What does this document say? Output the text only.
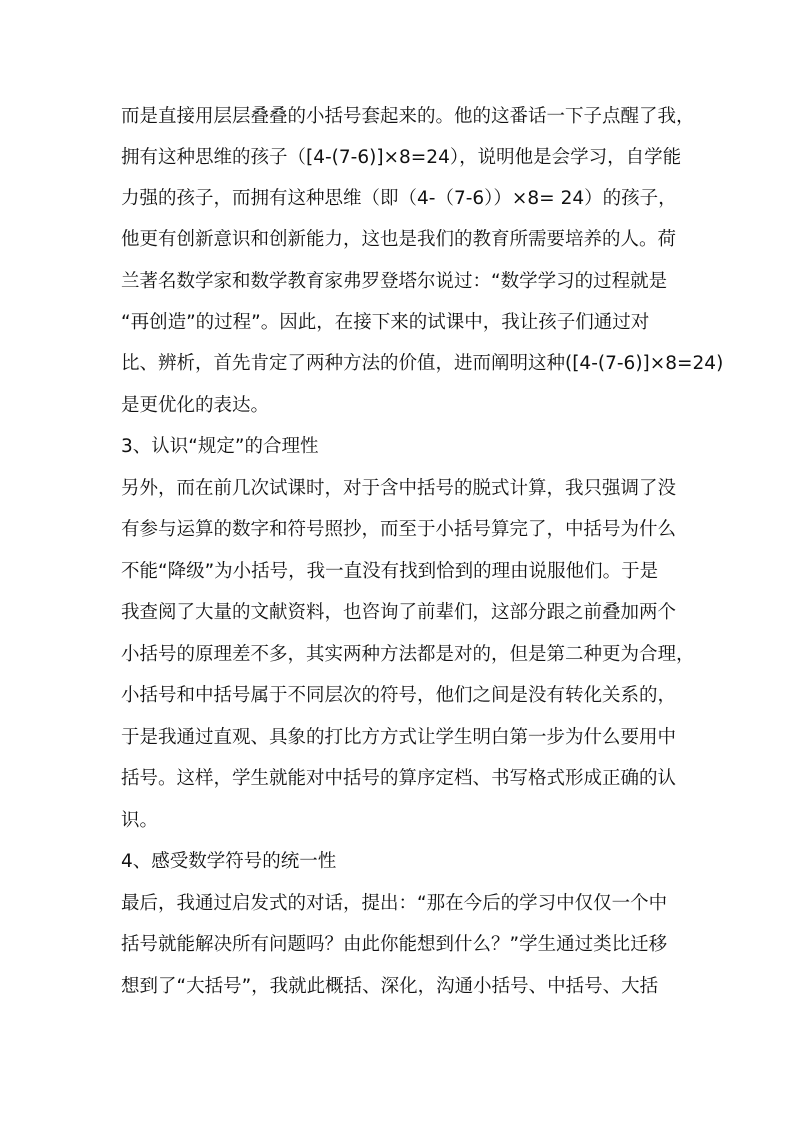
而是直接用层层叠叠的小括号套起来的。他的这番话一下子点醒了我，
拥有这种思维的孩子（[4-(7-6)]×8=24），说明他是会学习，自学能
力强的孩子，而拥有这种思维（即（4-（7-6））×8= 24）的孩子，
他更有创新意识和创新能力，这也是我们的教育所需要培养的人。荷
兰著名数学家和数学教育家弗罗登塔尔说过：“数学学习的过程就是
“再创造”的过程”。因此，在接下来的试课中，我让孩子们通过对
比、辨析，首先肯定了两种方法的价值，进而阐明这种([4-(7-6)]×8=24)
是更优化的表达。
3、认识“规定”的合理性
另外，而在前几次试课时，对于含中括号的脱式计算，我只强调了没
有参与运算的数字和符号照抄，而至于小括号算完了，中括号为什么
不能“降级”为小括号，我一直没有找到恰到的理由说服他们。于是
我查阅了大量的文献资料，也咨询了前辈们，这部分跟之前叠加两个
小括号的原理差不多，其实两种方法都是对的，但是第二种更为合理，
小括号和中括号属于不同层次的符号，他们之间是没有转化关系的，
于是我通过直观、具象的打比方方式让学生明白第一步为什么要用中
括号。这样，学生就能对中括号的算序定档、书写格式形成正确的认
识。
4、感受数学符号的统一性
最后，我通过启发式的对话，提出：“那在今后的学习中仅仅一个中
括号就能解决所有问题吗？由此你能想到什么？”学生通过类比迁移
想到了“大括号”，我就此概括、深化，沟通小括号、中括号、大括
